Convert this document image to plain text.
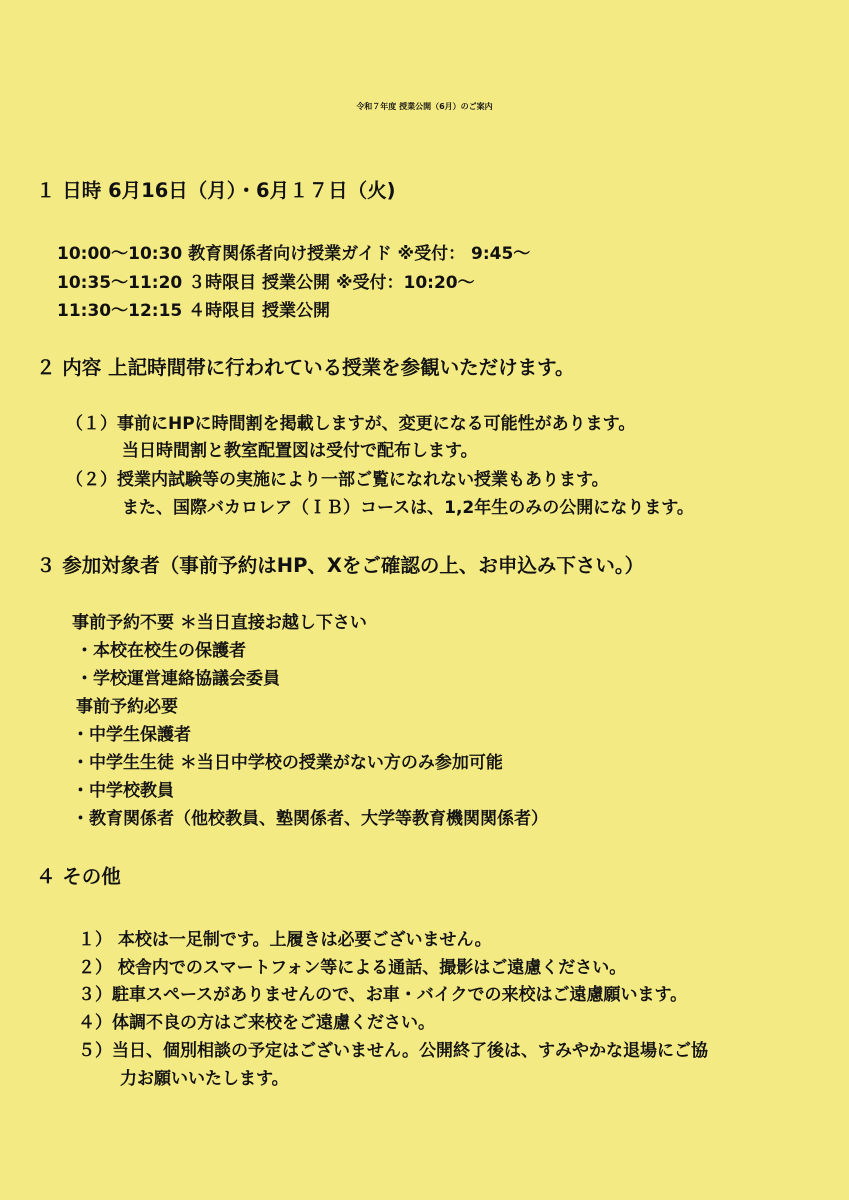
令和７年度 授業公開（6月）のご案内
１ 日時 6月16日（月）・6月１７日（火)
10:00〜10:30 教育関係者向け授業ガイド ※受付： 9:45〜
10:35〜11:20 ３時限目 授業公開 ※受付：10:20〜
11:30〜12:15 ４時限目 授業公開
２ 内容 上記時間帯に行われている授業を参観いただけます。
（１）事前にHPに時間割を掲載しますが、変更になる可能性があります。
当日時間割と教室配置図は受付で配布します。
（２）授業内試験等の実施により一部ご覧になれない授業もあります。
また、国際バカロレア（ＩＢ）コースは、1,2年生のみの公開になります。
３ 参加対象者（事前予約はHP、Xをご確認の上、お申込み下さい。）
事前予約不要 ＊当日直接お越し下さい
・本校在校生の保護者
・学校運営連絡協議会委員
事前予約必要
・中学生保護者
・中学生生徒 ＊当日中学校の授業がない方のみ参加可能
・中学校教員
・教育関係者（他校教員、塾関係者、大学等教育機関関係者）
４ その他
１） 本校は一足制です。上履きは必要ございません。
２） 校舎内でのスマートフォン等による通話、撮影はご遠慮ください。
３）駐車スペースがありませんので、お車・バイクでの来校はご遠慮願います。
４）体調不良の方はご来校をご遠慮ください。
５）当日、個別相談の予定はございません。公開終了後は、すみやかな退場にご協
力お願いいたします。
